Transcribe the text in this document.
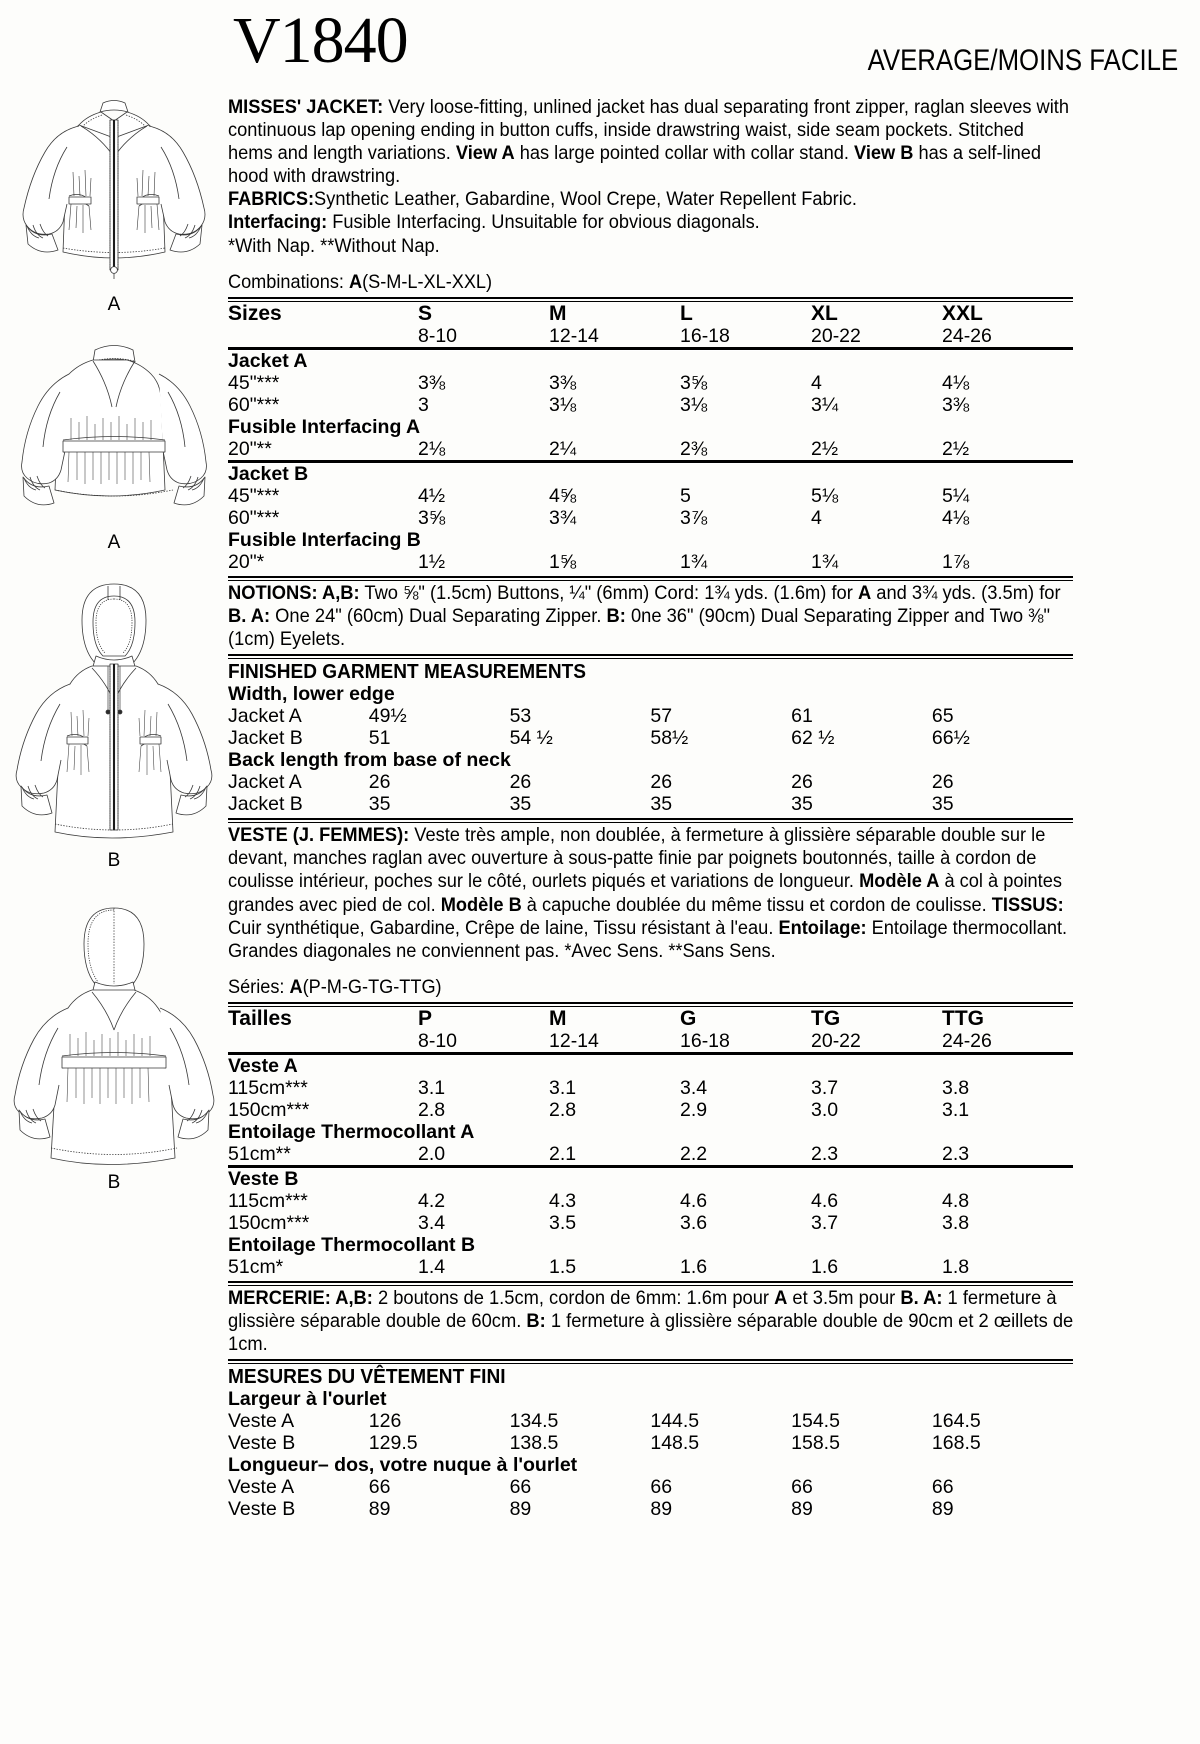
V1840	AVERAGE/MOINS FACILE
A
A
B
B
MISSES' JACKET: Very loose-fitting, unlined jacket has dual separating front zipper, raglan sleeves with continuous lap opening ending in button cuffs, inside drawstring waist, side seam pockets. Stitched hems and length variations. View A has large pointed collar with collar stand. View B has a self-lined hood with drawstring.
FABRICS:Synthetic Leather, Gabardine, Wool Crepe, Water Repellent Fabric.
Interfacing: Fusible Interfacing. Unsuitable for obvious diagonals.
*With Nap. **Without Nap.
Combinations: A(S-M-L-XL-XXL)
Sizes	S	M	L	XL	XXL
	8-10	12-14	16-18	20-22	24-26
Jacket A					
45"***	3⅜	3⅜	3⅝	4	4⅛
60"***	3	3⅛	3⅛	3¼	3⅜
Fusible Interfacing A					
20"**	2⅛	2¼	2⅜	2½	2½
Jacket B					
45"***	4½	4⅝	5	5⅛	5¼
60"***	3⅝	3¾	3⅞	4	4⅛
Fusible Interfacing B					
20"*	1½	1⅝	1¾	1¾	1⅞
NOTIONS: A,B: Two ⅝" (1.5cm) Buttons, ¼" (6mm) Cord: 1¾ yds. (1.6m) for A and 3¾ yds. (3.5m) for B. A: One 24" (60cm) Dual Separating Zipper. B: 0ne 36" (90cm) Dual Separating Zipper and Two ⅜" (1cm) Eyelets.
FINISHED GARMENT MEASUREMENTS
Width, lower edge					
Jacket A	49½	53	57	61	65
Jacket B	51	54 ½	58½	62 ½	66½
Back length from base of neck					
Jacket A	26	26	26	26	26
Jacket B	35	35	35	35	35
VESTE (J. FEMMES): Veste très ample, non doublée, à fermeture à glissière séparable double sur le devant, manches raglan avec ouverture à sous-patte finie par poignets boutonnés, taille à cordon de coulisse intérieur, poches sur le côté, ourlets piqués et variations de longueur. Modèle A à col à pointes grandes avec pied de col. Modèle B à capuche doublée du même tissu et cordon de coulisse. TISSUS: Cuir synthétique, Gabardine, Crêpe de laine, Tissu résistant à l'eau. Entoilage: Entoilage thermocollant. Grandes diagonales ne conviennent pas. *Avec Sens. **Sans Sens.
Séries: A(P-M-G-TG-TTG)
Tailles	P	M	G	TG	TTG
	8-10	12-14	16-18	20-22	24-26
Veste A					
115cm***	3.1	3.1	3.4	3.7	3.8
150cm***	2.8	2.8	2.9	3.0	3.1
Entoilage Thermocollant A					
51cm**	2.0	2.1	2.2	2.3	2.3
Veste B					
115cm***	4.2	4.3	4.6	4.6	4.8
150cm***	3.4	3.5	3.6	3.7	3.8
Entoilage Thermocollant B					
51cm*	1.4	1.5	1.6	1.6	1.8
MERCERIE: A,B: 2 boutons de 1.5cm, cordon de 6mm: 1.6m pour A et 3.5m pour B. A: 1 fermeture à glissière séparable double de 60cm. B: 1 fermeture à glissière séparable double de 90cm et 2 œillets de 1cm.
MESURES DU VÊTEMENT FINI
Largeur à l'ourlet					
Veste A	126	134.5	144.5	154.5	164.5
Veste B	129.5	138.5	148.5	158.5	168.5
Longueur– dos, votre nuque à l'ourlet					
Veste A	66	66	66	66	66
Veste B	89	89	89	89	89
